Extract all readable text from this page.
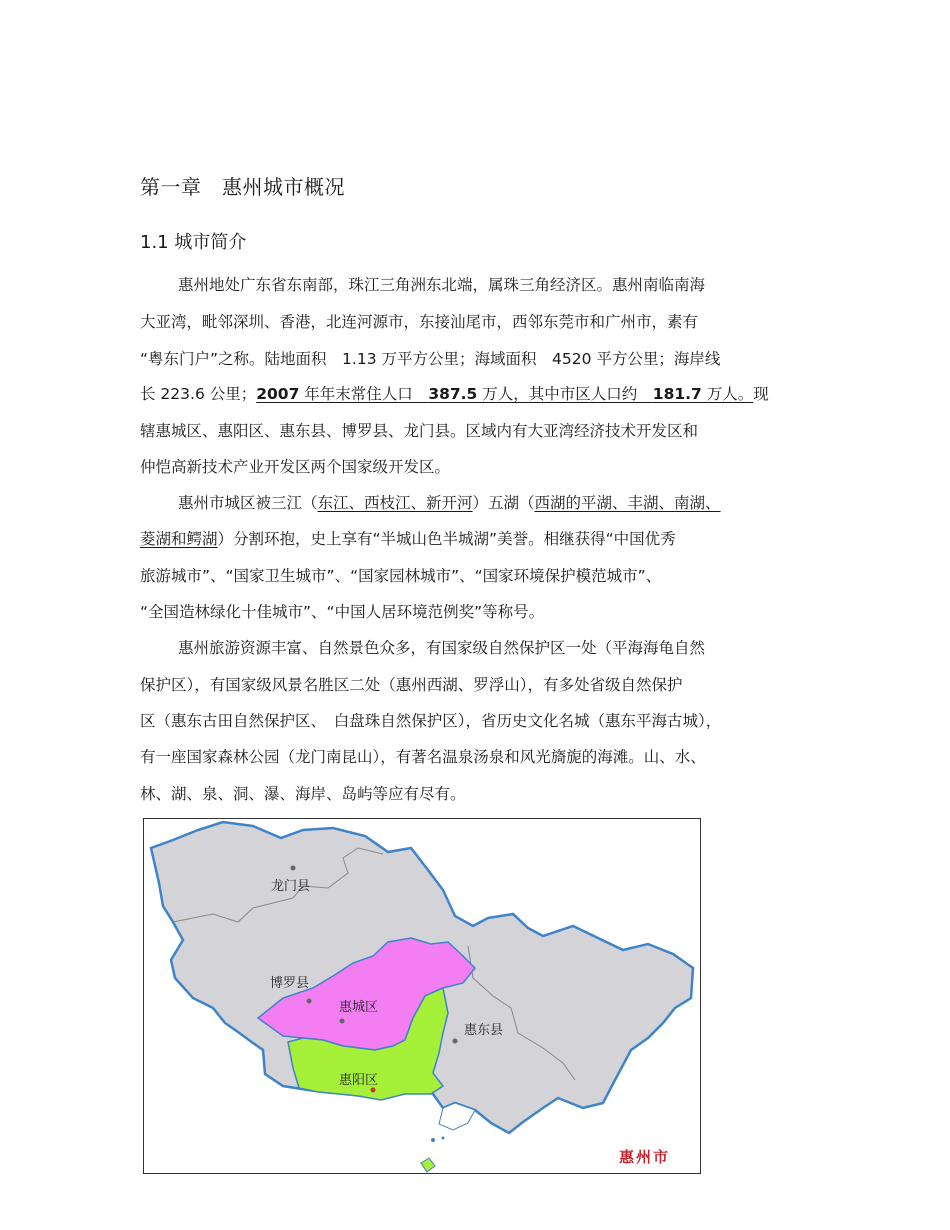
第一章　惠州城市概况
1.1 城市简介
惠州地处广东省东南部，珠江三角洲东北端，属珠三角经济区。惠州南临南海
大亚湾，毗邻深圳、香港，北连河源市，东接汕尾市，西邻东莞市和广州市，素有
“粤东门户”之称。陆地面积　1.13 万平方公里；海域面积　4520 平方公里；海岸线
长 223.6 公里；2007 年年末常住人口　387.5 万人，其中市区人口约　181.7 万人。现
辖惠城区、惠阳区、惠东县、博罗县、龙门县。区域内有大亚湾经济技术开发区和
仲恺高新技术产业开发区两个国家级开发区。
惠州市城区被三江（东江、西枝江、新开河）五湖（西湖的平湖、丰湖、南湖、
菱湖和鳄湖）分割环抱，史上享有“半城山色半城湖”美誉。相继获得“中国优秀
旅游城市”、“国家卫生城市”、“国家园林城市”、“国家环境保护模范城市”、
“全国造林绿化十佳城市”、“中国人居环境范例奖”等称号。
惠州旅游资源丰富、自然景色众多，有国家级自然保护区一处（平海海龟自然
保护区），有国家级风景名胜区二处（惠州西湖、罗浮山），有多处省级自然保护
区（惠东古田自然保护区、　白盘珠自然保护区），省历史文化名城（惠东平海古城），
有一座国家森林公园（龙门南昆山），有著名温泉汤泉和风光旖旎的海滩。山、水、
林、湖、泉、洞、瀑、海岸、岛屿等应有尽有。
龙门县
博罗县
惠城区
惠东县
惠阳区
惠州市
